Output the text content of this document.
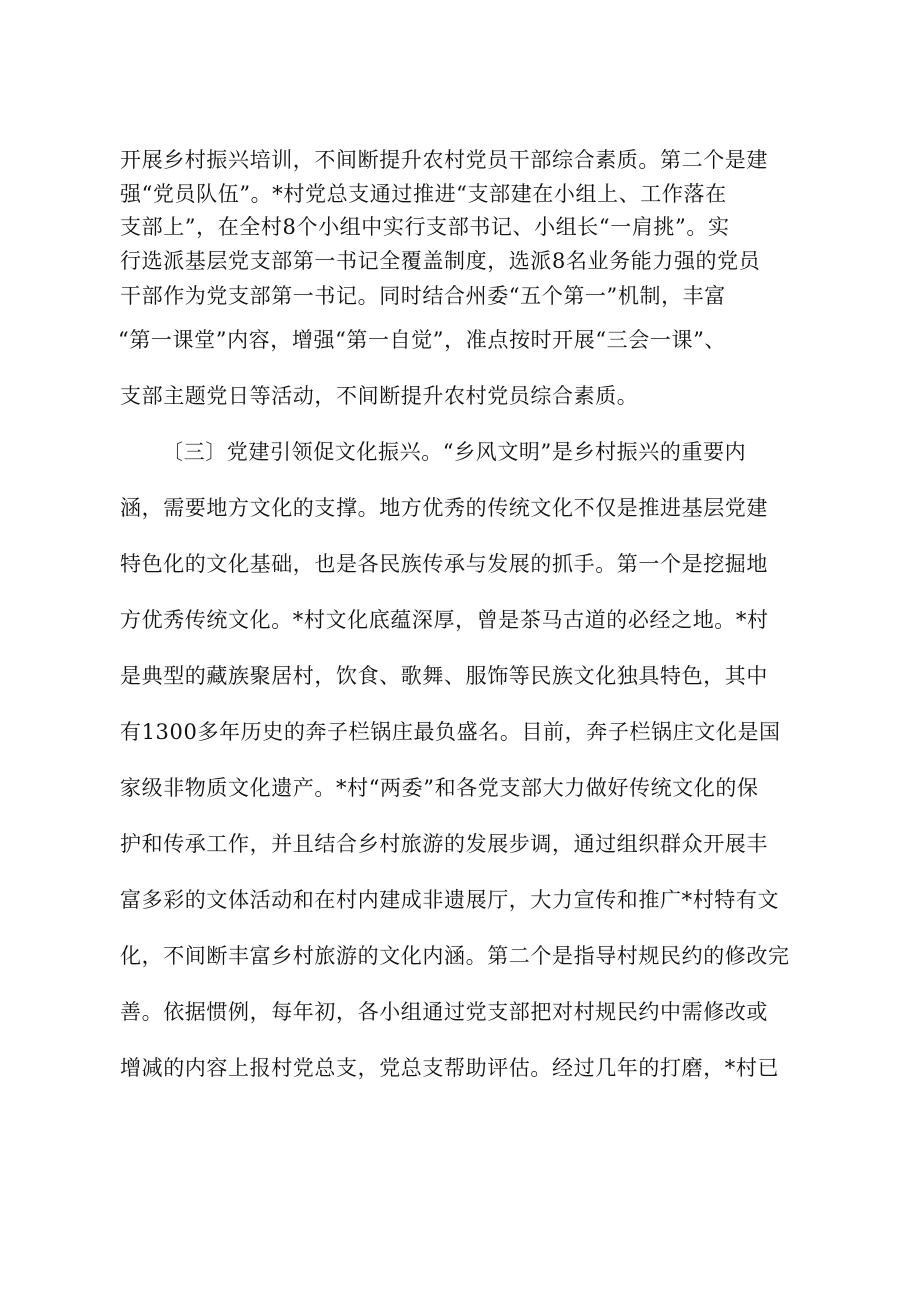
开展乡村振兴培训，不间断提升农村党员干部综合素质。第二个是建
强“党员队伍”。*村党总支通过推进“支部建在小组上、工作落在
支部上”，在全村8个小组中实行支部书记、小组长“一肩挑”。实
行选派基层党支部第一书记全覆盖制度，选派8名业务能力强的党员
干部作为党支部第一书记。同时结合州委“五个第一”机制，丰富
“第一课堂”内容，增强“第一自觉”，准点按时开展“三会一课”、
支部主题党日等活动，不间断提升农村党员综合素质。
〔三〕党建引领促文化振兴。“乡风文明”是乡村振兴的重要内
涵，需要地方文化的支撑。地方优秀的传统文化不仅是推进基层党建
特色化的文化基础，也是各民族传承与发展的抓手。第一个是挖掘地
方优秀传统文化。*村文化底蕴深厚，曾是茶马古道的必经之地。*村
是典型的藏族聚居村，饮食、歌舞、服饰等民族文化独具特色，其中
有1300多年历史的奔子栏锅庄最负盛名。目前，奔子栏锅庄文化是国
家级非物质文化遗产。*村“两委”和各党支部大力做好传统文化的保
护和传承工作，并且结合乡村旅游的发展步调，通过组织群众开展丰
富多彩的文体活动和在村内建成非遗展厅，大力宣传和推广*村特有文
化，不间断丰富乡村旅游的文化内涵。第二个是指导村规民约的修改完
善。依据惯例，每年初，各小组通过党支部把对村规民约中需修改或
增减的内容上报村党总支，党总支帮助评估。经过几年的打磨，*村已
